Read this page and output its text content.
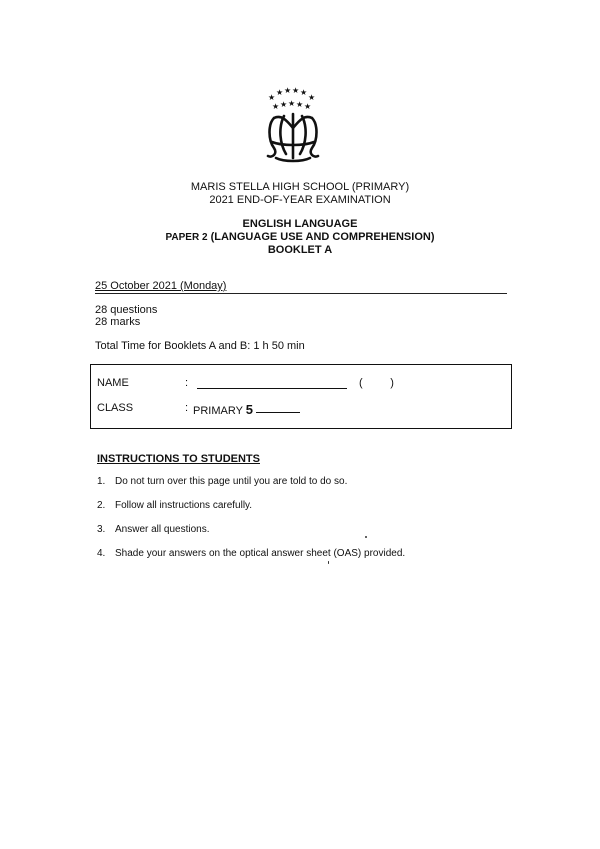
★
★ ★ ★ ★
★
★ ★ ★ ★ ★
MARIS STELLA HIGH SCHOOL (PRIMARY)
2021 END-OF-YEAR EXAMINATION
ENGLISH LANGUAGE
PAPER 2 (LANGUAGE USE AND COMPREHENSION)
BOOKLET A
25 October 2021 (Monday)
28 questions
28 marks
Total Time for Booklets A and B: 1 h 50 min
NAME	:	(	)
CLASS	: PRIMARY 5
INSTRUCTIONS TO STUDENTS
1. Do not turn over this page until you are told to do so.
2. Follow all instructions carefully.
3. Answer all questions.
4. Shade your answers on the optical answer sheet (OAS) provided.
